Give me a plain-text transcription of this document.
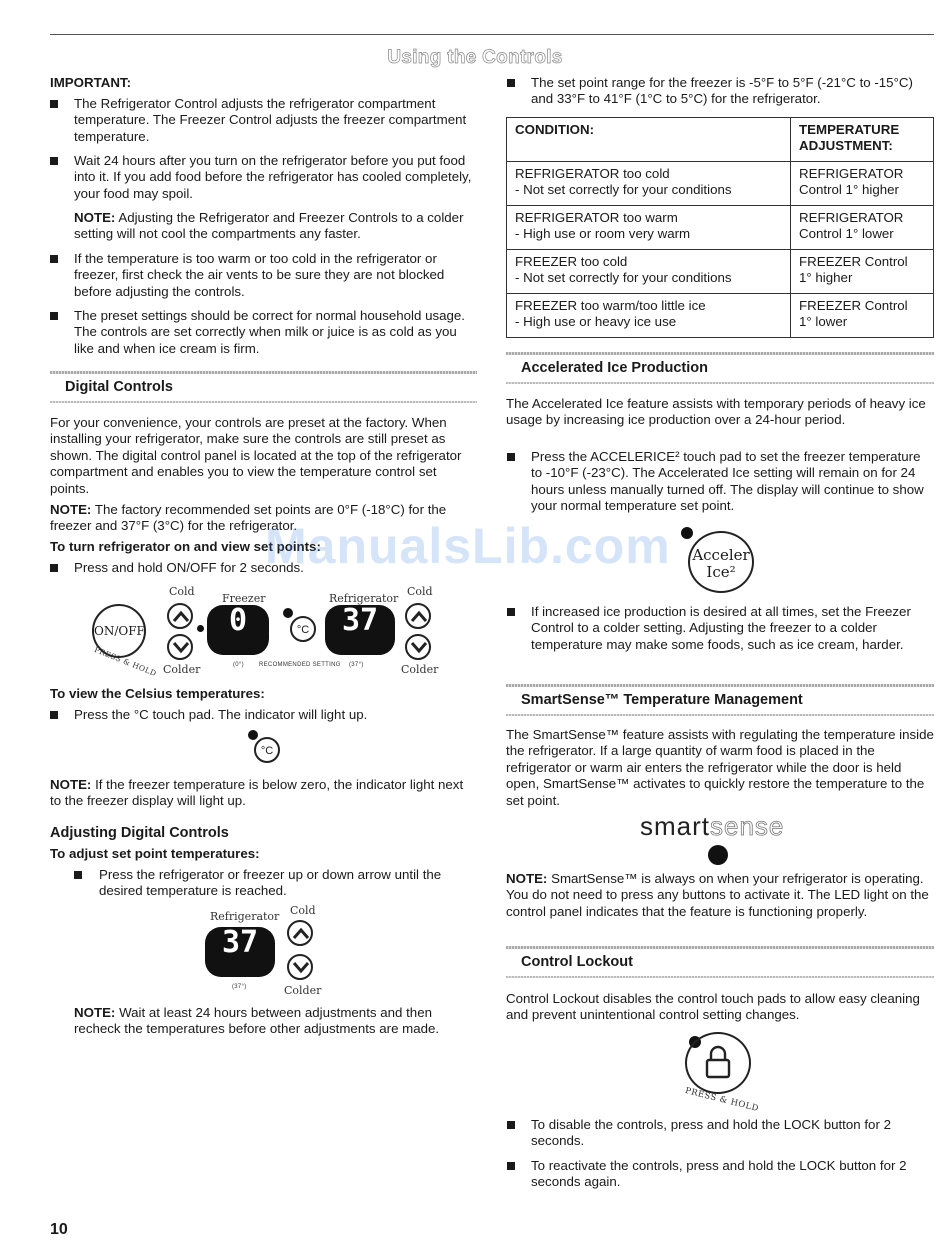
Using the Controls
IMPORTANT:
The Refrigerator Control adjusts the refrigerator compartment temperature. The Freezer Control adjusts the freezer compartment temperature.
Wait 24 hours after you turn on the refrigerator before you put food into it. If you add food before the refrigerator has cooled completely, your food may spoil.
NOTE: Adjusting the Refrigerator and Freezer Controls to a colder setting will not cool the compartments any faster.
If the temperature is too warm or too cold in the refrigerator or freezer, first check the air vents to be sure they are not blocked before adjusting the controls.
The preset settings should be correct for normal household usage. The controls are set correctly when milk or juice is as cold as you like and when ice cream is firm.
Digital Controls
For your convenience, your controls are preset at the factory. When installing your refrigerator, make sure the controls are still preset as shown. The digital control panel is located at the top of the refrigerator compartment and enables you to view the temperature control set points.
NOTE: The factory recommended set points are 0°F (-18°C) for the freezer and 37°F (3°C) for the refrigerator.
To turn refrigerator on and view set points:
Press and hold ON/OFF for 2 seconds.
ON/OFF
PRESS & HOLD
Cold
Colder
Freezer
0
(0°)
°C
RECOMMENDED SETTING
Refrigerator
37
(37°)
Cold
Colder
To view the Celsius temperatures:
Press the °C touch pad. The indicator will light up.
°C
NOTE: If the freezer temperature is below zero, the indicator light next to the freezer display will light up.
Adjusting Digital Controls
To adjust set point temperatures:
Press the refrigerator or freezer up or down arrow until the desired temperature is reached.
Refrigerator Cold
37
(37°)	Colder
NOTE: Wait at least 24 hours between adjustments and then recheck the temperatures before other adjustments are made.
10
The set point range for the freezer is -5°F to 5°F (-21°C to -15°C) and 33°F to 41°F (1°C to 5°C) for the refrigerator.
CONDITION:	TEMPERATURE ADJUSTMENT:
REFRIGERATOR too cold
- Not set correctly for your conditions	REFRIGERATOR
Control 1° higher
REFRIGERATOR too warm
- High use or room very warm	REFRIGERATOR
Control 1° lower
FREEZER too cold
- Not set correctly for your conditions	FREEZER Control
1° higher
FREEZER too warm/too little ice
- High use or heavy ice use	FREEZER Control
1° lower
Accelerated Ice Production
The Accelerated Ice feature assists with temporary periods of heavy ice usage by increasing ice production over a 24-hour period.
Press the ACCELERICE² touch pad to set the freezer temperature to -10°F (-23°C). The Accelerated Ice setting will remain on for 24 hours unless manually turned off. The display will continue to show your normal temperature set point.
Acceler
Ice²
If increased ice production is desired at all times, set the Freezer Control to a colder setting. Adjusting the freezer to a colder temperature may make some foods, such as ice cream, harder.
SmartSense™ Temperature Management
The SmartSense™ feature assists with regulating the temperature inside the refrigerator. If a large quantity of warm food is placed in the refrigerator or warm air enters the refrigerator while the door is held open, SmartSense™ activates to quickly restore the temperature to the set point.
smartsense
NOTE: SmartSense™ is always on when your refrigerator is operating. You do not need to press any buttons to activate it. The LED light on the control panel indicates that the feature is functioning properly.
Control Lockout
Control Lockout disables the control touch pads to allow easy cleaning and prevent unintentional control setting changes.
PRESS & HOLD
To disable the controls, press and hold the LOCK button for 2 seconds.
To reactivate the controls, press and hold the LOCK button for 2 seconds again.
ManualsLib.com
